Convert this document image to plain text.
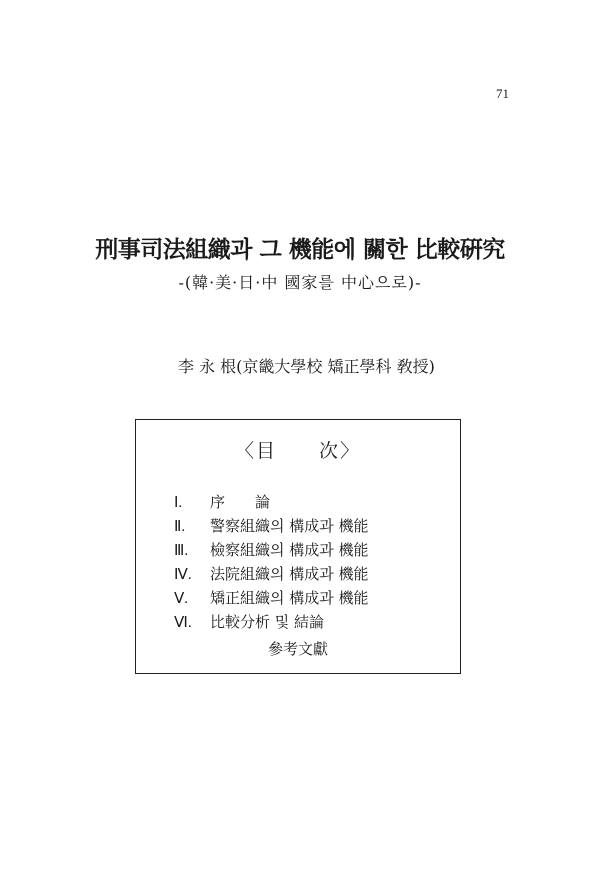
71
刑事司法組織과 그 機能에 關한 比較硏究
-(韓·美·日·中 國家를 中心으로)-
李 永 根(京畿大學校 矯正學科 敎授)
〈目　　次〉
Ⅰ. 序　　論
Ⅱ. 警察組織의 構成과 機能
Ⅲ. 檢察組織의 構成과 機能
Ⅳ. 法院組織의 構成과 機能
Ⅴ. 矯正組織의 構成과 機能
Ⅵ. 比較分析 및 結論
參考文獻
